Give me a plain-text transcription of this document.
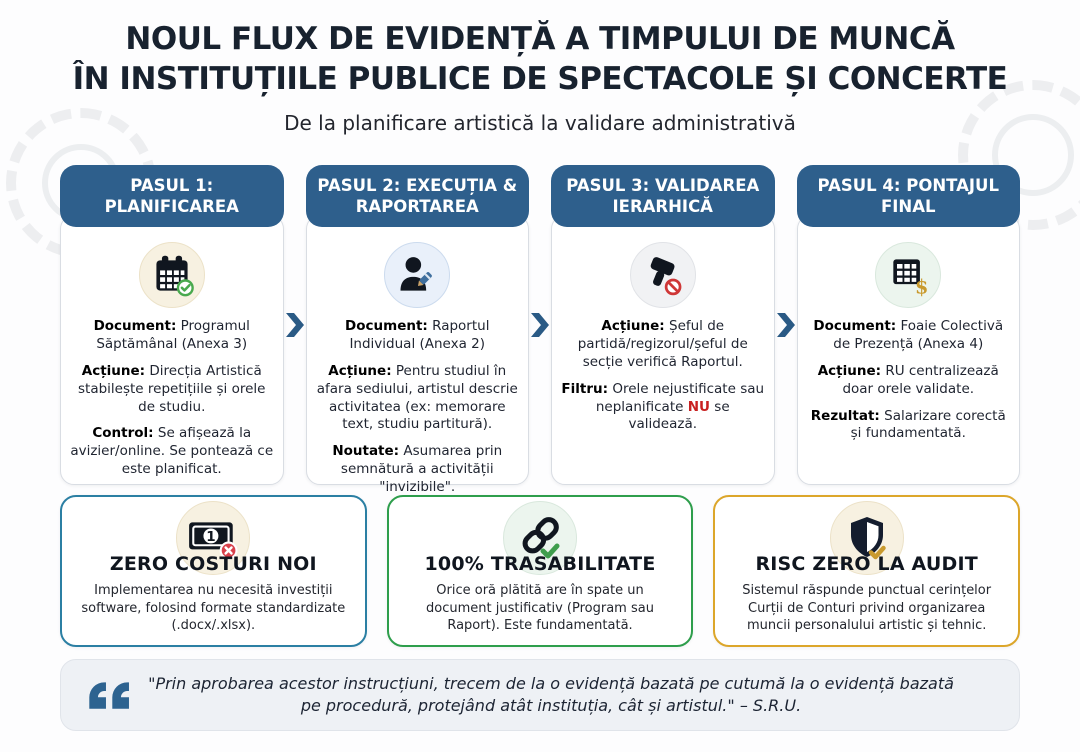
NOUL FLUX DE EVIDENȚĂ A TIMPULUI DE MUNCĂ
ÎN INSTITUȚIILE PUBLICE DE SPECTACOLE ȘI CONCERTE
De la planificare artistică la validare administrativă
PASUL 1: PLANIFICAREA

Document: Programul Săptămânal (Anexa 3)

Acțiune: Direcția Artistică stabilește repetițiile și orele de studiu.

Control: Se afișează la avizier/online. Se pontează ce este planificat.

PASUL 2: EXECUȚIA & RAPORTAREA

Document: Raportul Individual (Anexa 2)

Acțiune: Pentru studiul în afara sediului, artistul descrie activitatea (ex: memorare text, studiu partitură).

Noutate: Asumarea prin semnătură a activității "invizibile".

PASUL 3: VALIDAREA IERARHICĂ

Acțiune: Șeful de partidă/regizorul/șeful de secție verifică Raportul.

Filtru: Orele nejustificate sau neplanificate NU se validează.

PASUL 4: PONTAJUL FINAL
$

Document: Foaie Colectivă de Prezență (Anexa 4)

Acțiune: RU centralizează doar orele validate.

Rezultat: Salarizare corectă și fundamentată.

1
ZERO COSTURI NOI
Implementarea nu necesită investiții software, folosind formate standardizate (.docx/.xlsx).
100% TRASABILITATE
Orice oră plătită are în spate un document justificativ (Program sau Raport). Este fundamentată.
RISC ZERO LA AUDIT
Sistemul răspunde punctual cerințelor Curții de Conturi privind organizarea muncii personalului artistic și tehnic.
"Prin aprobarea acestor instrucțiuni, trecem de la o evidență bazată pe cutumă la o evidență bazată pe procedură, protejând atât instituția, cât și artistul." – S.R.U.
